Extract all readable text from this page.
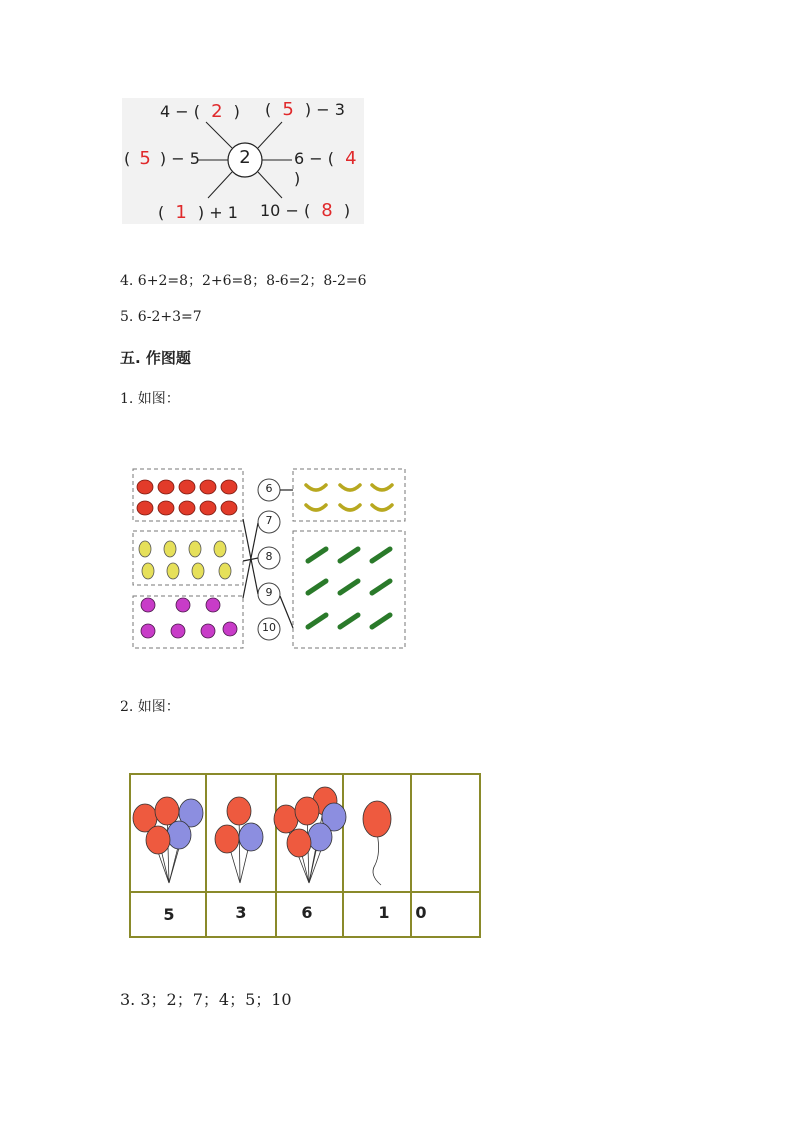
2
4 − ( 2 ) ( 5 ) − 3
( 5 ) − 5	6 − ( 4 )
( 1 ) + 1 10 − ( 8 )
4. 6+2=8；2+6=8；8-6=2；8-2=6
5. 6-2+3=7
五. 作图题
1. 如图：
6
7
8
9
10
2. 如图：
5	3	6	1	0
3. 3；2；7；4；5；10
